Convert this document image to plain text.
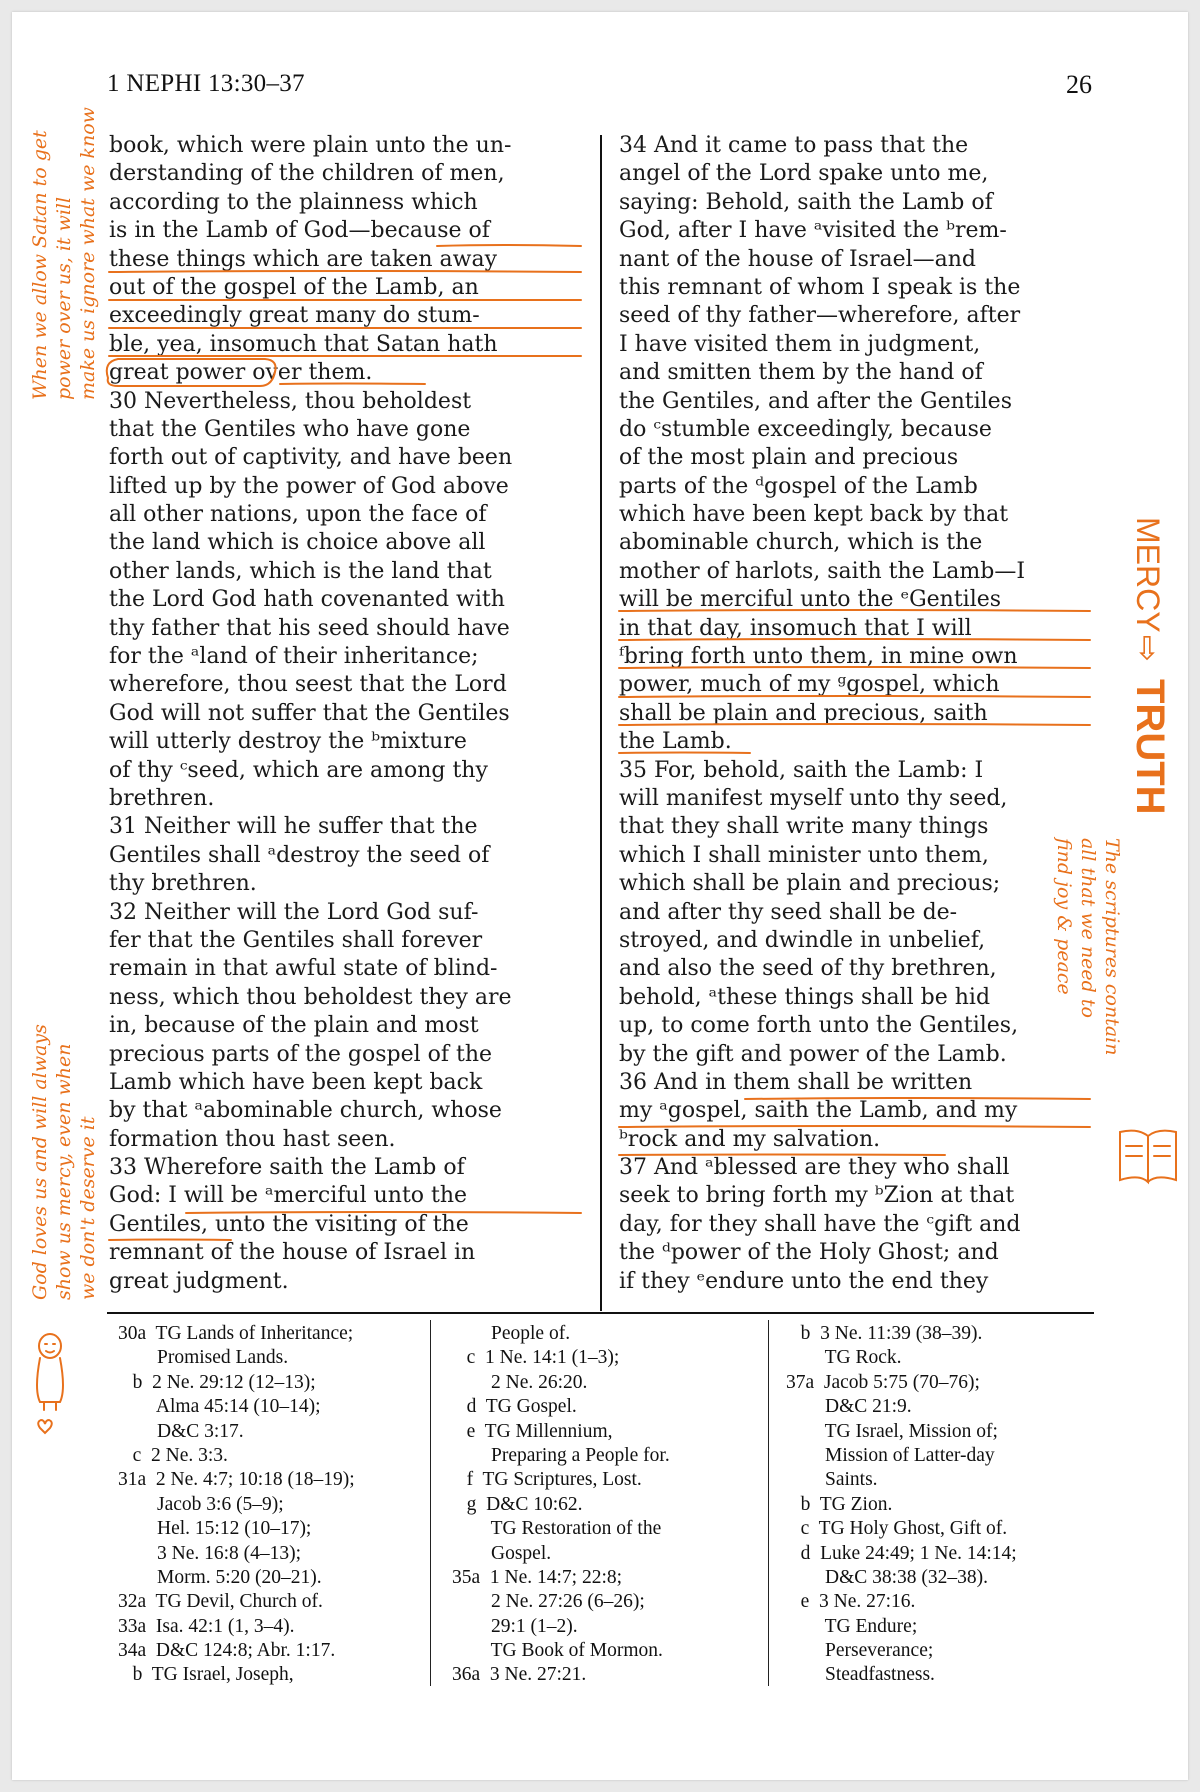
1 NEPHI 13:30–37	26
book, which were plain unto the un-
derstanding of the children of men,
according to the plainness which
is in the Lamb of God—because of
these things which are taken away
out of the gospel of the Lamb, an
exceedingly great many do stum-
ble, yea, insomuch that Satan hath
great power over them.
30 Nevertheless, thou beholdest
that the Gentiles who have gone
forth out of captivity, and have been
lifted up by the power of God above
all other nations, upon the face of
the land which is choice above all
other lands, which is the land that
the Lord God hath covenanted with
thy father that his seed should have
for the ᵃland of their inheritance;
wherefore, thou seest that the Lord
God will not suffer that the Gentiles
will utterly destroy the ᵇmixture
of thy ᶜseed, which are among thy
brethren.
31 Neither will he suffer that the
Gentiles shall ᵃdestroy the seed of
thy brethren.
32 Neither will the Lord God suf-
fer that the Gentiles shall forever
remain in that awful state of blind-
ness, which thou beholdest they are
in, because of the plain and most
precious parts of the gospel of the
Lamb which have been kept back
by that ᵃabominable church, whose
formation thou hast seen.
33 Wherefore saith the Lamb of
God: I will be ᵃmerciful unto the
Gentiles, unto the visiting of the
remnant of the house of Israel in
great judgment.
34 And it came to pass that the
angel of the Lord spake unto me,
saying: Behold, saith the Lamb of
God, after I have ᵃvisited the ᵇrem-
nant of the house of Israel—and
this remnant of whom I speak is the
seed of thy father—wherefore, after
I have visited them in judgment,
and smitten them by the hand of
the Gentiles, and after the Gentiles
do ᶜstumble exceedingly, because
of the most plain and precious
parts of the ᵈgospel of the Lamb
which have been kept back by that
abominable church, which is the
mother of harlots, saith the Lamb—I
will be merciful unto the ᵉGentiles
in that day, insomuch that I will
ᶠbring forth unto them, in mine own
power, much of my ᵍgospel, which
shall be plain and precious, saith
the Lamb.
35 For, behold, saith the Lamb: I
will manifest myself unto thy seed,
that they shall write many things
which I shall minister unto them,
which shall be plain and precious;
and after thy seed shall be de-
stroyed, and dwindle in unbelief,
and also the seed of thy brethren,
behold, ᵃthese things shall be hid
up, to come forth unto the Gentiles,
by the gift and power of the Lamb.
36 And in them shall be written
my ᵃgospel, saith the Lamb, and my
ᵇrock and my salvation.
37 And ᵃblessed are they who shall
seek to bring forth my ᵇZion at that
day, for they shall have the ᶜgift and
the ᵈpower of the Holy Ghost; and
if they ᵉendure unto the end they
30a  TG Lands of Inheritance;
Promised Lands.
b  2 Ne. 29:12 (12–13);
Alma 45:14 (10–14);
D&C 3:17.
c  2 Ne. 3:3.
31a  2 Ne. 4:7; 10:18 (18–19);
Jacob 3:6 (5–9);
Hel. 15:12 (10–17);
3 Ne. 16:8 (4–13);
Morm. 5:20 (20–21).
32a  TG Devil, Church of.
33a  Isa. 42:1 (1, 3–4).
34a  D&C 124:8; Abr. 1:17.
b  TG Israel, Joseph,
People of.
c  1 Ne. 14:1 (1–3);
2 Ne. 26:20.
d  TG Gospel.
e  TG Millennium,
Preparing a People for.
f  TG Scriptures, Lost.
g  D&C 10:62.
TG Restoration of the
Gospel.
35a  1 Ne. 14:7; 22:8;
2 Ne. 27:26 (6–26);
29:1 (1–2).
TG Book of Mormon.
36a  3 Ne. 27:21.
b  3 Ne. 11:39 (38–39).
TG Rock.
37a  Jacob 5:75 (70–76);
D&C 21:9.
TG Israel, Mission of;
Mission of Latter-day
Saints.
b  TG Zion.
c  TG Holy Ghost, Gift of.
d  Luke 24:49; 1 Ne. 14:14;
D&C 38:38 (32–38).
e  3 Ne. 27:16.
TG Endure;
Perseverance;
Steadfastness.
When we allow Satan to get power over us, it will make us ignore what we know
God loves us and will always show us mercy, even when we don't deserve it
MERCY
⇨
TRUTH
The scriptures contain
all that we need to
find joy & peace
